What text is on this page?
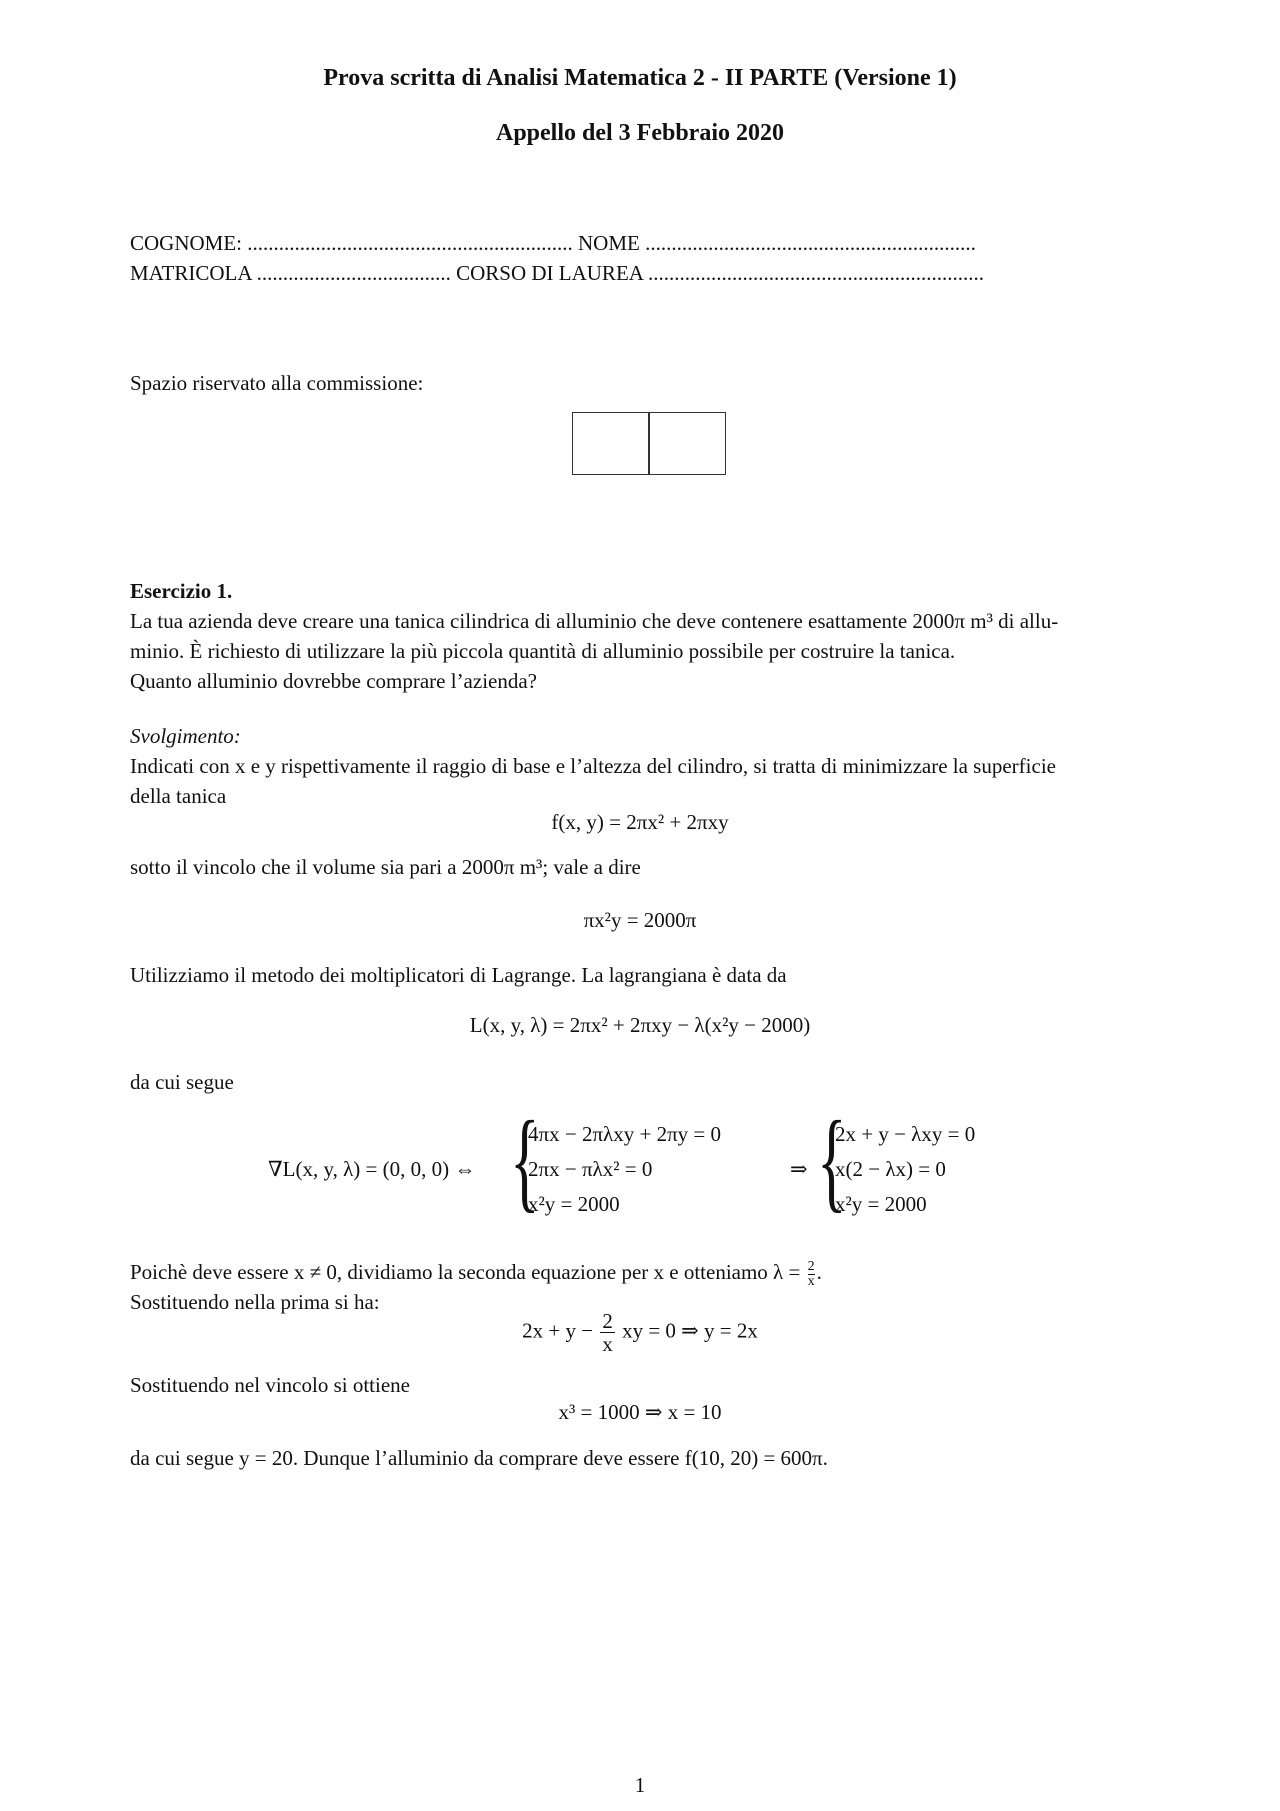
Prova scritta di Analisi Matematica 2 - II PARTE (Versione 1)
Appello del 3 Febbraio 2020
COGNOME: .............................................................. NOME ...............................................................
MATRICOLA ..................................... CORSO DI LAUREA ................................................................
Spazio riservato alla commissione:
Esercizio 1.
La tua azienda deve creare una tanica cilindrica di alluminio che deve contenere esattamente 2000π m³ di allu-
minio. È richiesto di utilizzare la più piccola quantità di alluminio possibile per costruire la tanica.
Quanto alluminio dovrebbe comprare l’azienda?
Svolgimento:
Indicati con x e y rispettivamente il raggio di base e l’altezza del cilindro, si tratta di minimizzare la superficie
della tanica
f(x, y) = 2πx² + 2πxy
sotto il vincolo che il volume sia pari a 2000π m³; vale a dire
πx²y = 2000π
Utilizziamo il metodo dei moltiplicatori di Lagrange. La lagrangiana è data da
L(x, y, λ) = 2πx² + 2πxy − λ(x²y − 2000)
da cui segue
∇L(x, y, λ) = (0, 0, 0) ⇔ {
4πx − 2πλxy + 2πy = 0
2πx − πλx² = 0
x²y = 2000
⇒ {
2x + y − λxy = 0
x(2 − λx) = 0
x²y = 2000
Poichè deve essere x ≠ 0, dividiamo la seconda equazione per x e otteniamo $\lambda = \frac{2}{x}$ .
Sostituendo nella prima si ha:
$2x + y - \frac{2}{x}$ xy = 0 ⇒ y = 2x
Sostituendo nel vincolo si ottiene
x³ = 1000 ⇒ x = 10
da cui segue y = 20. Dunque l’alluminio da comprare deve essere f(10, 20) = 600π.
1
